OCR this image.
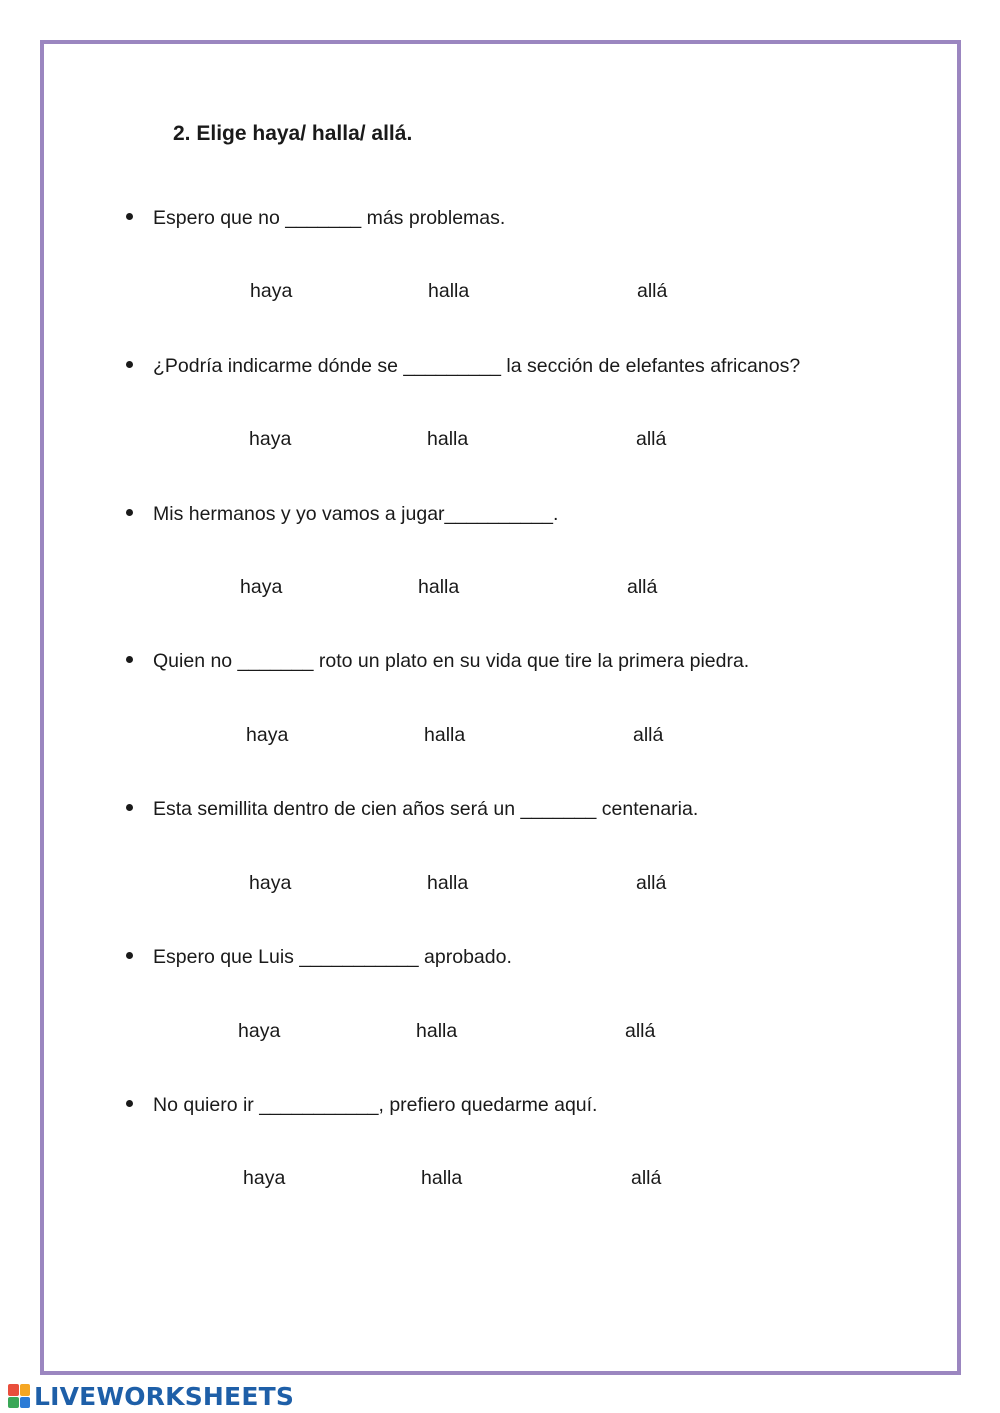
2. Elige haya/ halla/ allá.
Espero que no _______ más problemas.
haya	halla	allá
¿Podría indicarme dónde se _________ la sección de elefantes africanos?
haya	halla	allá
Mis hermanos y yo vamos a jugar__________.
haya	halla	allá
Quien no _______ roto un plato en su vida que tire la primera piedra.
haya	halla	allá
Esta semillita dentro de cien años será un _______ centenaria.
haya	halla	allá
Espero que Luis ___________ aprobado.
haya	halla	allá
No quiero ir ___________, prefiero quedarme aquí.
haya	halla	allá
LIVEWORKSHEETS
